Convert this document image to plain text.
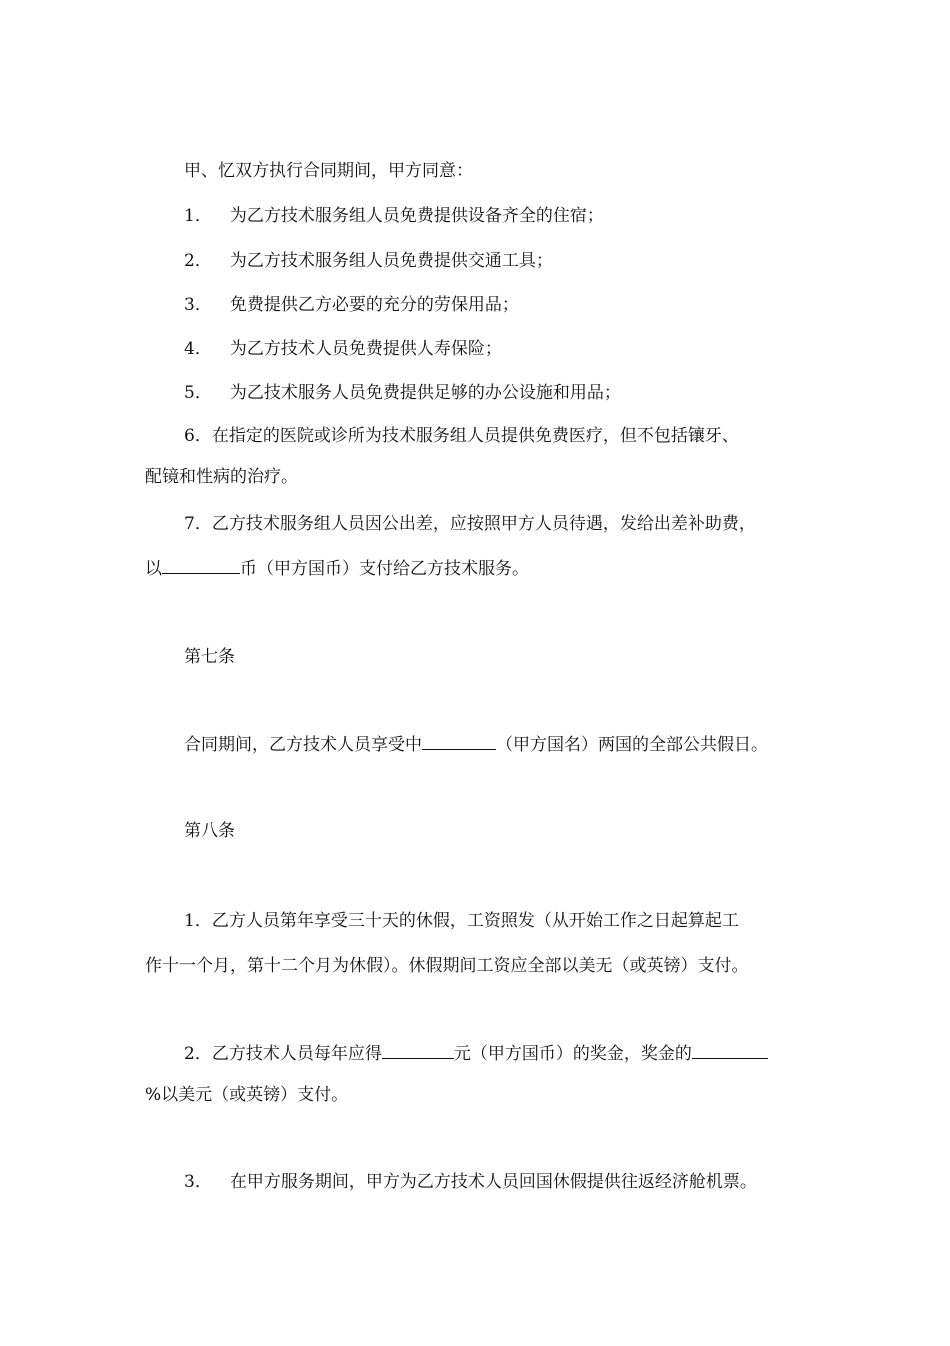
甲、忆双方执行合同期间，甲方同意：
1． 为乙方技术服务组人员免费提供设备齐全的住宿；
2． 为乙方技术服务组人员免费提供交通工具；
3． 免费提供乙方必要的充分的劳保用品；
4． 为乙方技术人员免费提供人寿保险；
5． 为乙技术服务人员免费提供足够的办公设施和用品；
6．在指定的医院或诊所为技术服务组人员提供免费医疗，但不包括镶牙、
配镜和性病的治疗。
7．乙方技术服务组人员因公出差，应按照甲方人员待遇，发给出差补助费，
以	币（甲方国币）支付给乙方技术服务。
第七条
合同期间，乙方技术人员享受中	（甲方国名）两国的全部公共假日。
第八条
1．乙方人员第年享受三十天的休假，工资照发（从开始工作之日起算起工
作十一个月，第十二个月为休假）。休假期间工资应全部以美无（或英镑）支付。
2．乙方技术人员每年应得	元（甲方国币）的奖金，奖金的
%以美元（或英镑）支付。
3． 在甲方服务期间，甲方为乙方技术人员回国休假提供往返经济舱机票。
